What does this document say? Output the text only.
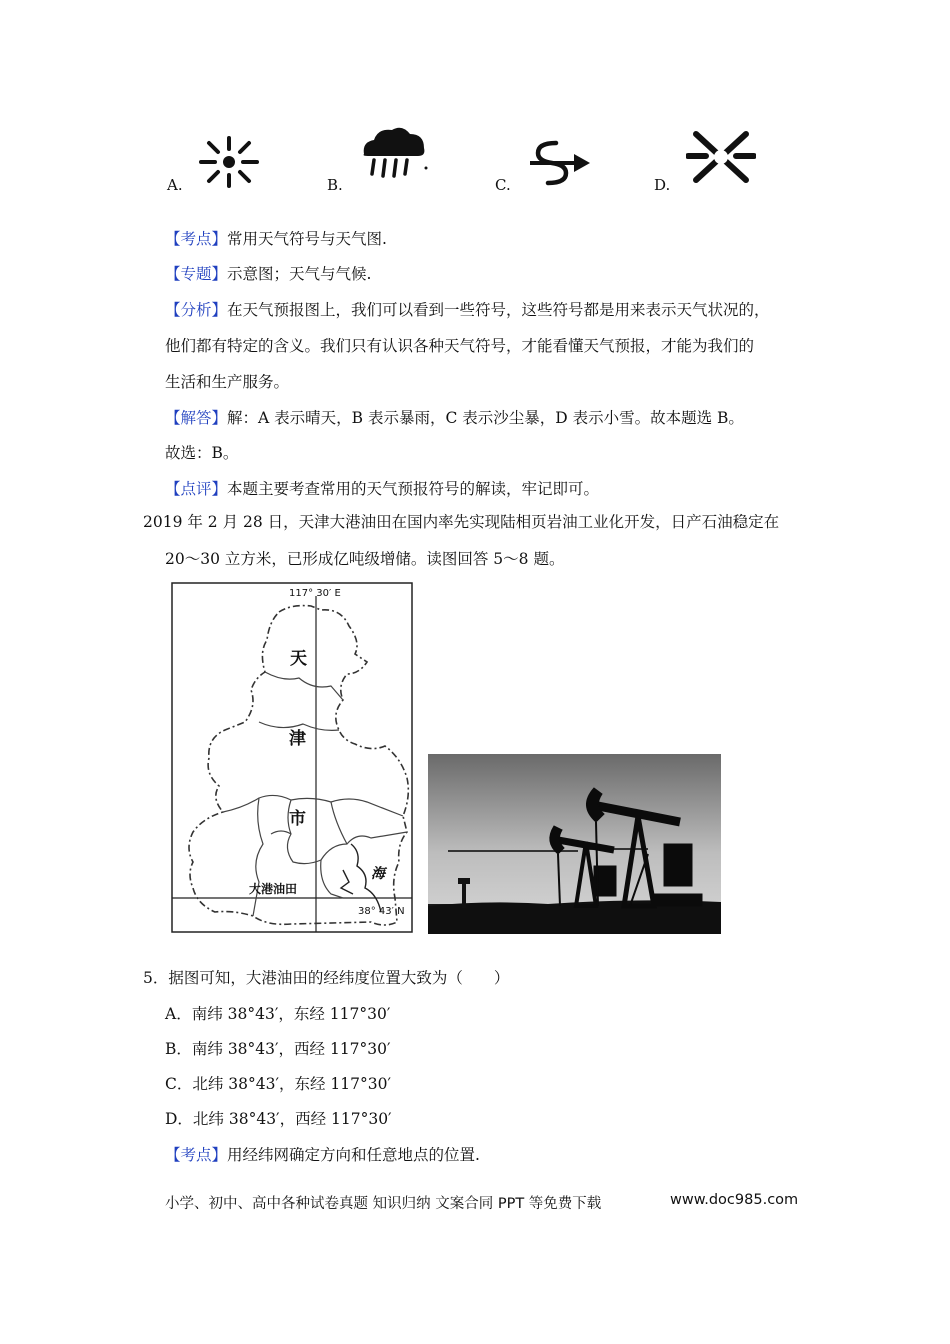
A.	B.	C.	D.
【考点】常用天气符号与天气图.
【专题】示意图；天气与气候.
【分析】在天气预报图上，我们可以看到一些符号，这些符号都是用来表示天气状况的，
他们都有特定的含义。我们只有认识各种天气符号，才能看懂天气预报，才能为我们的
生活和生产服务。
【解答】解：A 表示晴天，B 表示暴雨，C 表示沙尘暴，D 表示小雪。故本题选 B。
故选：B。
【点评】本题主要考查常用的天气预报符号的解读，牢记即可。
2019 年 2 月 28 日，天津大港油田在国内率先实现陆相页岩油工业化开发，日产石油稳定在
20～30 立方米，已形成亿吨级增储。读图回答 5～8 题。
117° 30′ E
38° 43′ N
天
津
市
海
大港油田
5．据图可知，大港油田的经纬度位置大致为（　　）
A．南纬 38°43′，东经 117°30′
B．南纬 38°43′，西经 117°30′
C．北纬 38°43′，东经 117°30′
D．北纬 38°43′，西经 117°30′
【考点】用经纬网确定方向和任意地点的位置.
小学、初中、高中各种试卷真题 知识归纳 文案合同 PPT 等免费下载	www.doc985.com
